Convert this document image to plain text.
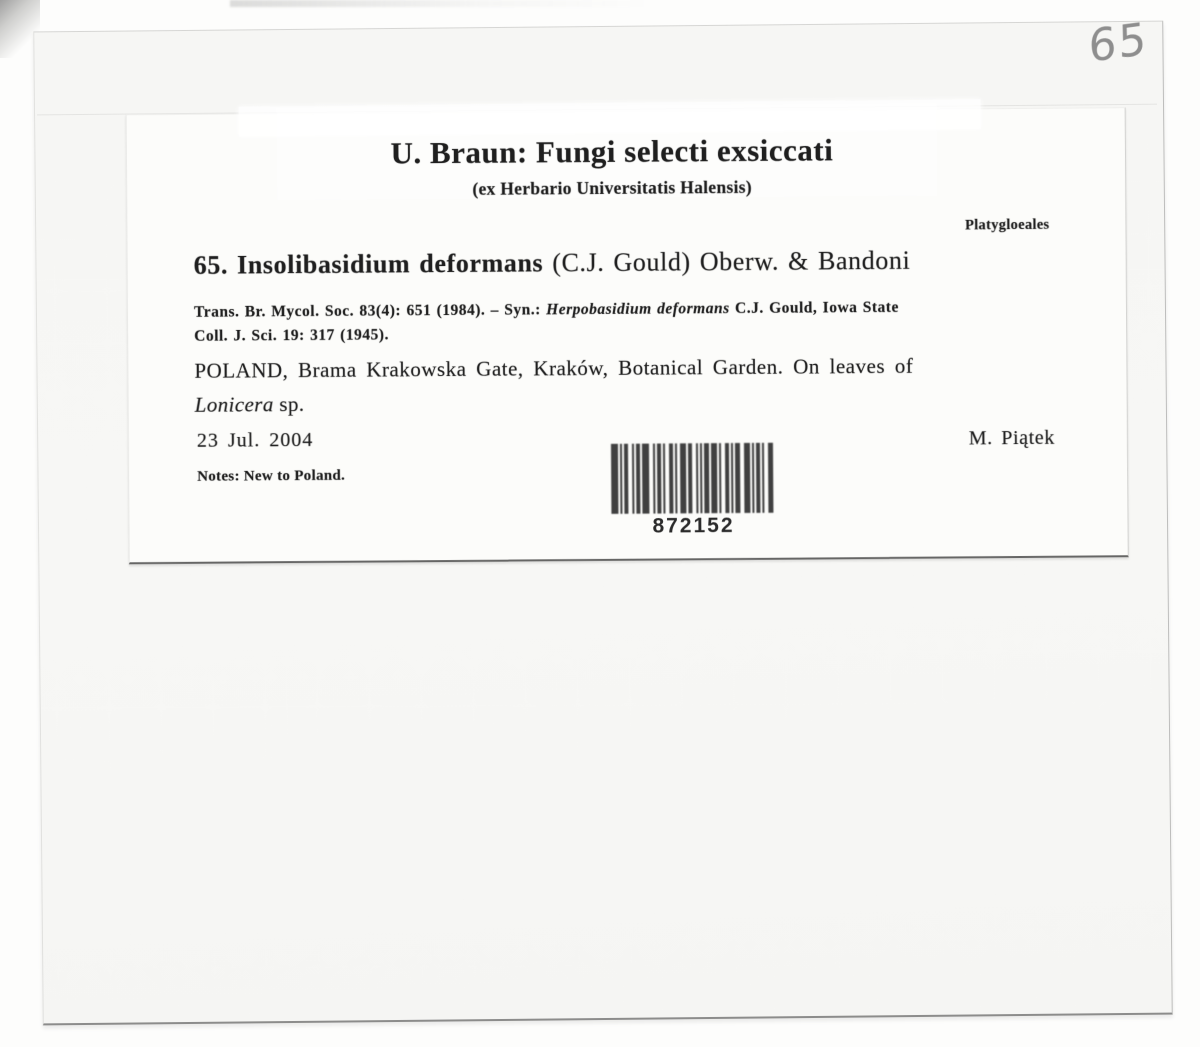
65
U. Braun: Fungi selecti exsiccati
(ex Herbario Universitatis Halensis)
Platygloeales
65. Insolibasidium deformans (C.J. Gould) Oberw. & Bandoni
Trans. Br. Mycol. Soc. 83(4): 651 (1984). – Syn.: Herpobasidium deformans C.J. Gould, Iowa State
Coll. J. Sci. 19: 317 (1945).
POLAND, Brama Krakowska Gate, Kraków, Botanical Garden. On leaves of
Lonicera sp.
23 Jul. 2004	M. Piątek
Notes: New to Poland.
872152
